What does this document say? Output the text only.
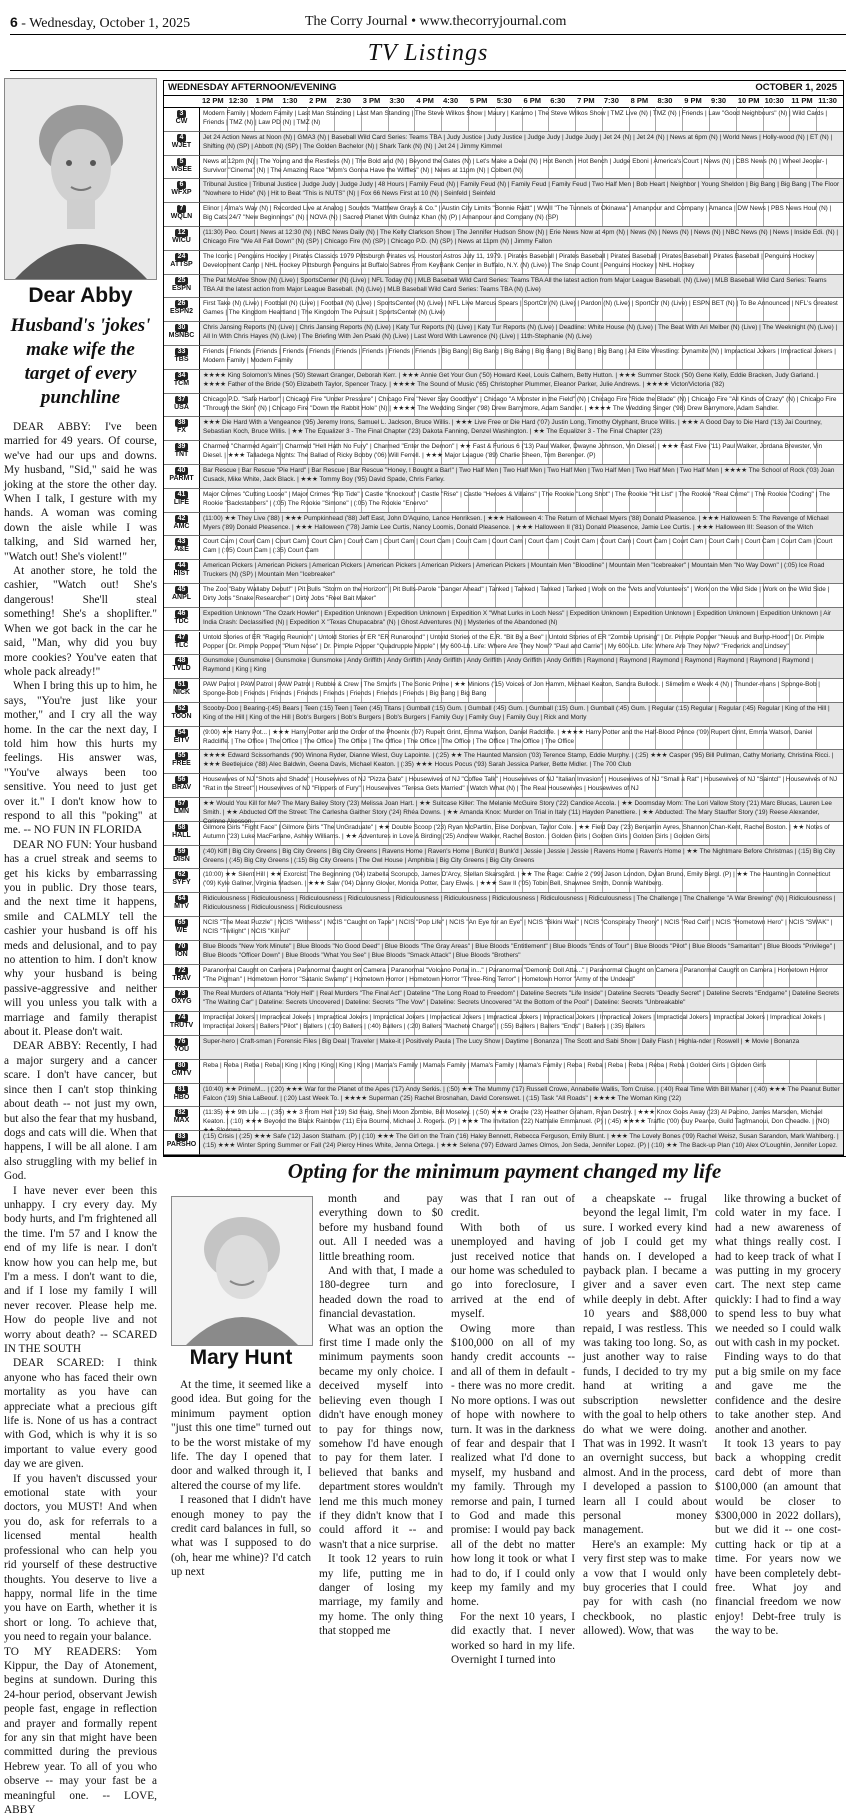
6 - Wednesday, October 1, 2025	The Corry Journal • www.thecorryjournal.com
TV Listings

Dear Abby

Husband's 'jokes' make wife the target of every punchline

DEAR ABBY: I've been married for 49 years. Of course, we've had our ups and downs. My husband, "Sid," said he was joking at the store the other day. When I talk, I gesture with my hands. A woman was coming down the aisle while I was talking, and Sid warned her, "Watch out! She's violent!"

At another store, he told the cashier, "Watch out! She's dangerous! She'll steal something! She's a shoplifter." When we got back in the car he said, "Man, why did you buy more cookies? You've eaten that whole pack already!"

When I bring this up to him, he says, "You're just like your mother," and I cry all the way home. In the car the next day, I told him how this hurts my feelings. His answer was, "You've always been too sensitive. You need to just get over it." I don't know how to respond to all this "poking" at me. -- NO FUN IN FLORIDA

DEAR NO FUN: Your husband has a cruel streak and seems to get his kicks by embarrassing you in public. Dry those tears, and the next time it happens, smile and CALMLY tell the cashier your husband is off his meds and delusional, and to pay no attention to him. I don't know why your husband is being passive-aggressive and neither will you unless you talk with a marriage and family therapist about it. Please don't wait.

DEAR ABBY: Recently, I had a major surgery and a cancer scare. I don't have cancer, but since then I can't stop thinking about death -- not just my own, but also the fear that my husband, dogs and cats will die. When that happens, I will be all alone. I am also struggling with my belief in God.

I have never ever been this unhappy. I cry every day. My body hurts, and I'm frightened all the time. I'm 57 and I know the end of my life is near. I don't know how you can help me, but I'm a mess. I don't want to die, and if I lose my family I will never recover. Please help me. How do people live and not worry about death? -- SCARED IN THE SOUTH

DEAR SCARED: I think anyone who has faced their own mortality as you have can appreciate what a precious gift life is. None of us has a contract with God, which is why it is so important to value every good day we are given.

If you haven't discussed your emotional state with your doctors, you MUST! And when you do, ask for referrals to a licensed mental health professional who can help you rid yourself of these destructive thoughts. You deserve to live a happy, normal life in the time you have on Earth, whether it is short or long. To achieve that, you need to regain your balance.

TO MY READERS: Yom Kippur, the Day of Atonement, begins at sundown. During this 24-hour period, observant Jewish people fast, engage in reflection and prayer and formally repent for any sin that might have been committed during the previous Hebrew year. To all of you who observe -- may your fast be a meaningful one. -- LOVE, ABBY

WEDNESDAY AFTERNOON/EVENING	OCTOBER 1, 2025
12 PM 12:30 1 PM 1:30 2 PM 2:30 3 PM 3:30 4 PM 4:30 5 PM 5:30 6 PM 6:30 7 PM 7:30 8 PM 8:30 9 PM 9:30 10 PM 10:30 11 PM 11:30
3
CW
Modern Family | Modern Family | Last Man Standing | Last Man Standing | The Steve Wilkos Show | Maury | Karamo | The Steve Wilkos Show | TMZ Live (N) | TMZ (N) | Friends | Law "Good Neighbours" (N) | Wild Cards | Friends | TMZ (N) | Law PD (N) | TMZ (N)
4
WJET
Jet 24 Action News at Noon (N) | GMA3 (N) | Baseball Wild Card Series: Teams TBA | Judy Justice | Judy Justice | Judge Judy | Judge Judy | Jet 24 (N) | Jet 24 (N) | News at 6pm (N) | World News | Holly-wood (N) | ET (N) | Shifting (N) (SP) | Abbott (N) (SP) | The Golden Bachelor (N) | Shark Tank (N) (N) | Jet 24 | Jimmy Kimmel
5
WSEE
News at 12pm (N) | The Young and the Restless (N) | The Bold and (N) | Beyond the Gates (N) | Let's Make a Deal (N) | Hot Bench | Hot Bench | Judge Eboni | America's Court | News (N) | CBS News (N) | Wheel Jeopar- | Survivor "Cinema" (N) | The Amazing Race "Mom's Gonna Have the Wiffles" (N) | News at 11pm (N) | Colbert (N)
6
WFXP
Tribunal Justice | Tribunal Justice | Judge Judy | Judge Judy | 48 Hours | Family Feud (N) | Family Feud (N) | Family Feud | Family Feud | Two Half Men | Bob Heart | Neighbor | Young Sheldon | Big Bang | Big Bang | The Floor "Nowhere to Hide" (N) | Hit to Beat "This is NUTS" (N) | Fox 66 News First at 10 (N) | Seinfeld | Seinfeld
7
WQLN
Elinor | Alma's Way (N) | Recorded Live at Analog | Sounds "Matthew Grays & Co." | Austin City Limits "Bonnie Raitt" | WWII "The Tunnels of Okinawa" | Amanpour and Company | Amanca | DW News | PBS News Hour (N) | Big Cats 24/7 "New Beginnings" (N) | NOVA (N) | Sacred Planet With Gulnaz Khan (N) (P) | Amanpour and Company (N) (SP)
12
WICU
(11:30) Peo. Court | News at 12:30 (N) | NBC News Daily (N) | The Kelly Clarkson Show | The Jennifer Hudson Show (N) | Erie News Now at 4pm (N) | News (N) | News (N) | News (N) | NBC News (N) | News | Inside Edi. (N) | Chicago Fire "We All Fall Down" (N) (SP) | Chicago Fire (N) (SP) | Chicago P.D. (N) (SP) | News at 11pm (N) | Jimmy Fallon
24
ATTSP
The Iconic | Penguins Hockey | Pirates Classics 1979 Pittsburgh Pirates vs. Houston Astros July 11, 1979. | Pirates Baseball | Pirates Baseball | Pirates Baseball | Pirates Baseball | Pirates Baseball | Penguins Hockey Development Camp | NHL Hockey Pittsburgh Penguins at Buffalo Sabres From KeyBank Center in Buffalo, N.Y. (N) (Live) | The Snap Count | Penguins Hockey | NHL Hockey
25
ESPN
The Pat McAfee Show (N) (Live) | SportsCenter (N) (Live) | NFL Today (N) | MLB Baseball Wild Card Series: Teams TBA All the latest action from Major League Baseball. (N) (Live) | MLB Baseball Wild Card Series: Teams TBA All the latest action from Major League Baseball. (N) (Live) | MLB Baseball Wild Card Series: Teams TBA (N) (Live)
26
ESPN2
First Take (N) (Live) | Football (N) (Live) | Football (N) (Live) | SportsCenter (N) (Live) | NFL Live Marcus Spears | SportCtr (N) (Live) | Pardon (N) (Live) | SportCtr (N) (Live) | ESPN BET (N) | To Be Announced | NFL's Greatest Games | The Kingdom Heartland | The Kingdom The Pursuit | SportsCenter (N) (Live)
30
MSNBC
Chris Jansing Reports (N) (Live) | Chris Jansing Reports (N) (Live) | Katy Tur Reports (N) (Live) | Katy Tur Reports (N) (Live) | Deadline: White House (N) (Live) | The Beat With Ari Melber (N) (Live) | The Weeknight (N) (Live) | All In With Chris Hayes (N) (Live) | The Briefing With Jen Psaki (N) (Live) | Last Word With Lawrence (N) (Live) | 11th-Stephanie (N) (Live)
33
TBS
Friends | Friends | Friends | Friends | Friends | Friends | Friends | Friends | Friends | Big Bang | Big Bang | Big Bang | Big Bang | Big Bang | Big Bang | All Elite Wrestling: Dynamite (N) | Impractical Jokers | Impractical Jokers | Modern Family | Modern Family
34
TCM
★★★★ King Solomon's Mines ('50) Stewart Granger, Deborah Kerr. | ★★★ Annie Get Your Gun ('50) Howard Keel, Louis Calhern, Betty Hutton. | ★★★ Summer Stock ('50) Gene Kelly, Eddie Bracken, Judy Garland. | ★★★★ Father of the Bride ('50) Elizabeth Taylor, Spencer Tracy. | ★★★★ The Sound of Music ('65) Christopher Plummer, Eleanor Parker, Julie Andrews. | ★★★★ Victor/Victoria ('82)
37
USA
Chicago P.D. "Safe Harbor" | Chicago Fire "Under Pressure" | Chicago Fire "Never Say Goodbye" | Chicago "A Monster in the Field" (N) | Chicago Fire "Ride the Blade" (N) | Chicago Fire "All Kinds of Crazy" (N) | Chicago Fire "Through the Skin" (N) | Chicago Fire "Down the Rabbit Hole" (N) | ★★★★ The Wedding Singer ('98) Drew Barrymore, Adam Sandler. | ★★★★ The Wedding Singer ('98) Drew Barrymore, Adam Sandler.
38
FX
★★★ Die Hard With a Vengeance ('95) Jeremy Irons, Samuel L. Jackson, Bruce Willis. | ★★★ Live Free or Die Hard ('07) Justin Long, Timothy Olyphant, Bruce Willis. | ★★★ A Good Day to Die Hard ('13) Jai Courtney, Sebastian Koch, Bruce Willis. | ★★ The Equalizer 3 - The Final Chapter ('23) Dakota Fanning, Denzel Washington. | ★★ The Equalizer 3 - The Final Chapter ('23)
39
TNT
Charmed "Charmed Again" | Charmed "Hell Hath No Fury" | Charmed "Enter the Demon" | ★★ Fast & Furious 6 ('13) Paul Walker, Dwayne Johnson, Vin Diesel. | ★★★ Fast Five ('11) Paul Walker, Jordana Brewster, Vin Diesel. | ★★★ Talladega Nights: The Ballad of Ricky Bobby ('06) Will Ferrell. | ★★★ Major League ('89) Charlie Sheen, Tom Berenger. (P)
40
PARMT
Bar Rescue | Bar Rescue "Pie Hard" | Bar Rescue | Bar Rescue "Honey, I Bought a Bar!" | Two Half Men | Two Half Men | Two Half Men | Two Half Men | Two Half Men | Two Half Men | ★★★★ The School of Rock ('03) Joan Cusack, Mike White, Jack Black. | ★★★ Tommy Boy ('95) David Spade, Chris Farley.
41
LIFE
Major Crimes "Cutting Loose" | Major Crimes "Rip Tide" | Castle "Knockout" | Castle "Rise" | Castle "Heroes & Villains" | The Rookie "Long Shot" | The Rookie "Hit List" | The Rookie "Real Crime" | The Rookie "Coding" | The Rookie "Backstabbers" | (:05) The Rookie "Simone" | (:05) The Rookie "Enervo"
42
AMC
(11:00) ★★ They Live ('88) | ★★★ Pumpkinhead ('88) Jeff East, John D'Aquino, Lance Henriksen. | ★★★ Halloween 4: The Return of Michael Myers ('88) Donald Pleasence. | ★★★ Halloween 5: The Revenge of Michael Myers ('89) Donald Pleasence. | ★★★ Halloween ("78) Jamie Lee Curtis, Nancy Loomis, Donald Pleasence. | ★★★ Halloween II ('81) Donald Pleasence, Jamie Lee Curtis. | ★★★ Halloween III: Season of the Witch
43
A&E
Court Cam | Court Cam | Court Cam | Court Cam | Court Cam | Court Cam | Court Cam | Court Cam | Court Cam | Court Cam | Court Cam | Court Cam | Court Cam | Court Cam | Court Cam | Court Cam | Court Cam | Court Cam | (:05) Court Cam | (:35) Court Cam
44
HIST
American Pickers | American Pickers | American Pickers | American Pickers | American Pickers | American Pickers | Mountain Men "Bloodline" | Mountain Men "Icebreaker" | Mountain Men "No Way Down" | (:05) Ice Road Truckers (N) (SP) | Mountain Men "Icebreaker"
45
ANPL
The Zoo "Baby Wallaby Debut!" | Pit Bulls "Storm on the Horizon" | Pit Bulls-Parole "Danger Ahead" | Tanked | Tanked | Tanked | Tanked | Work on the "Vets and Volunteers" | Work on the Wild Side | Work on the Wild Side | Dirty Jobs "Snake Researcher" | Dirty Jobs "Reel Bait Maker"
46
TDC
Expedition Unknown "The Ozark Howler" | Expedition Unknown | Expedition Unknown | Expedition X "What Lurks in Loch Ness" | Expedition Unknown | Expedition Unknown | Expedition Unknown | Expedition Unknown | Air India Crash: Declassified (N) | Expedition X "Texas Chupacabra" (N) | Ghost Adventures (N) | Mysteries of the Abandoned (N)
47
TLC
Untold Stories of ER "Raging Reunion" | Untold Stories of ER "ER Runaround" | Untold Stories of the E.R. "Bit By a Bee" | Untold Stories of ER "Zombie Uprising" | Dr. Pimple Popper "Neuus and Bump-Hood" | Dr. Pimple Popper | Dr. Pimple Popper "Plum Nose" | Dr. Pimple Popper "Quadrupple Nipple" | My 600-Lb. Life: Where Are They Now? "Paul and Carrie" | My 600-Lb. Life: Where Are They Now? "Frederick and Lindsey"
48
TVLD
Gunsmoke | Gunsmoke | Gunsmoke | Gunsmoke | Andy Griffith | Andy Griffith | Andy Griffith | Andy Griffith | Andy Griffith | Andy Griffith | Raymond | Raymond | Raymond | Raymond | Raymond | Raymond | Raymond | Raymond | King | King
51
NICK
PAW Patrol | PAW Patrol | PAW Patrol | Rubble & Crew | The Smurfs | The Sonic Prime | ★★ Minions ('15) Voices of Jon Hamm, Michael Keaton, Sandra Bullock. | Slimetim e Week 4 (N) | Thunder-mans | Sponge-Bob | Sponge-Bob | Friends | Friends | Friends | Friends | Friends | Friends | Friends | Big Bang | Big Bang
52
TOON
Scooby-Doo | Bearing-(:45) Bears | Teen (:15) Teen | Teen (:45) Titans | Gumball (:15) Gum. | Gumball (:45) Gum. | Gumball (:15) Gum. | Gumball (:45) Gum. | Regular (:15) Regular | Regular (:45) Regular | King of the Hill | King of the Hill | King of the Hill | Bob's Burgers | Bob's Burgers | Bob's Burgers | Family Guy | Family Guy | Family Guy | Rick and Morty
54
EITV
(9:00) ★★ Harry Pot... | ★★★ Harry Potter and the Order of the Phoenix ('07) Rupert Grint, Emma Watson, Daniel Radcliffe. | ★★★★ Harry Potter and the Half-Blood Prince ('09) Rupert Grint, Emma Watson, Daniel Radcliffe. | The Office | The Office | The Office | The Office | The Office | The Office | The Office | The Office | The Office | The Office
55
FREE
★★★★ Edward Scissorhands ('90) Winona Ryder, Dianne Wiest, Guy Lapointe. | (:25) ★★ The Haunted Mansion ('03) Terence Stamp, Eddie Murphy. | (:25) ★★★ Casper ('95) Bill Pullman, Cathy Moriarty, Christina Ricci. | ★★★ Beetlejuice ('88) Alec Baldwin, Geena Davis, Michael Keaton. | (:35) ★★★ Hocus Pocus ('93) Sarah Jessica Parker, Bette Midler. | The 700 Club
56
BRAV
Housewives of NJ "Shots and Shade" | Housewives of NJ "Pizza Gate" | Housewives of NJ "Coffee Talk" | Housewives of NJ "Italian Invasion" | Housewives of NJ "Small a Rat" | Housewives of NJ "Saintcl" | Housewives of NJ "Rat in the Street" | Housewives of NJ "Flippers of Fury" | Housewives "Teresa Gets Married" | Watch What (N) | The Real Housewives | Housewives of NJ
57
LMN
★★ Would You Kill for Me? The Mary Bailey Story ('23) Melissa Joan Hart. | ★★ Suitcase Killer: The Melanie McGuire Story ('22) Candice Accola. | ★★ Doomsday Mom: The Lori Vallow Story ('21) Marc Blucas, Lauren Lee Smith. | ★★ Abducted Off the Street: The Carlesha Gaither Story ('24) Rhéa Downs. | ★★ Amanda Knox: Murder on Trial in Italy ('11) Hayden Panettiere. | ★★ Abducted: The Mary Stauffer Story ('19) Reese Alexander, Corinne Akesson.
58
HALL
Gilmore Girls "Fight Face" | Gilmore Girls "The UnGraduate" | ★★ Double Scoop ('23) Ryan McPartlin, Elise Donovan, Taylor Cole. | ★★ Field Day ('23) Benjamin Ayres, Shannon Chan-Kent, Rachel Boston. | ★★ Notes of Autumn ('23) Luke MacFarlane, Ashley Williams. | ★★ Adventures in Love & Birding ('25) Andrew Walker, Rachel Boston. | Golden Girls | Golden Girls | Golden Girls | Golden Girls
59
DISN
(:40) Kiff | Big City Greens | Big City Greens | Big City Greens | Ravens Home | Raven's Home | Bunk'd | Bunk'd | Jessie | Jessie | Jessie | Ravens Home | Raven's Home | ★★ The Nightmare Before Christmas | (:15) Big City Greens | (:45) Big City Greens | (:15) Big City Greens | The Owl House | Amphibia | Big City Greens | Big City Greens
62
SYFY
(10:00) ★★ Silent Hill | ★★ Exorcist: The Beginning ('04) Izabella Scorupco, James D'Arcy, Stellan Skarsgård. | ★★ The Rage: Carrie 2 ('99) Jason London, Dylan Bruno, Emily Bergl. (P) | ★★ The Haunting in Connecticut ('09) Kyle Gallner, Virginia Madsen. | ★★★ Saw ('04) Danny Glover, Monica Potter, Cary Elwes. | ★★★ Saw II ('05) Tobin Bell, Shawnee Smith, Donnie Wahlberg.
64
MTV
Ridiculousness | Ridiculousness | Ridiculousness | Ridiculousness | Ridiculousness | Ridiculousness | Ridiculousness | Ridiculousness | Ridiculousness | The Challenge | The Challenge "A War Brewing" (N) | Ridiculousness | Ridiculousness | Ridiculousness | Ridiculousness
65
WE
NCIS "The Meat Puzzle" | NCIS "Witness" | NCIS "Caught on Tape" | NCIS "Pop Life" | NCIS "An Eye for an Eye" | NCIS "Bikini Wax" | NCIS "Conspiracy Theory" | NCIS "Red Cell" | NCIS "Hometown Hero" | NCIS "SWAK" | NCIS "Twilight" | NCIS "Kill Ari"
70
ION
Blue Bloods "New York Minute" | Blue Bloods "No Good Deed" | Blue Bloods "The Gray Areas" | Blue Bloods "Entitlement" | Blue Bloods "Ends of Tour" | Blue Bloods "Pilot" | Blue Bloods "Samaritan" | Blue Bloods "Privilege" | Blue Bloods "Officer Down" | Blue Bloods "What You See" | Blue Bloods "Smack Attack" | Blue Bloods "Brothers"
72
TRAV
Paranormal Caught on Camera | Paranormal Caught on Camera | Paranormal "Volcano Portal in..." | Paranormal "Demonic Doll Atta..." | Paranormal Caught on Camera | Paranormal Caught on Camera | Hometown Horror "The Pigman" | Hometown Horror "Satanic Swamp" | Hometown Horror | Hometown Horror "Three-Ring Terror" | Hometown Horror "Army of the Undead"
73
OXYG
The Real Murders of Atlanta "Holy Hell" | Real Murders "The Final Act" | Dateline "The Long Road to Freedom" | Dateline Secrets "Life Inside" | Dateline Secrets "Deadly Secret" | Dateline Secrets "Endgame" | Dateline Secrets "The Waiting Car" | Dateline: Secrets Uncovered | Dateline: Secrets "The Vow" | Dateline: Secrets Uncovered "At the Bottom of the Pool" | Dateline: Secrets "Unbreakable"
74
TRUTV
Impractical Jokers | Impractical Jokers | Impractical Jokers | Impractical Jokers | Impractical Jokers | Impractical Jokers | Impractical Jokers | Impractical Jokers | Impractical Jokers | Impractical Jokers | Impractical Jokers | Impractical Jokers | Ballers "Pilot" | Ballers | (:10) Ballers | (:40) Ballers | (:20) Ballers "Machete Charge" | (:55) Ballers | Ballers "Ends" | Ballers | (:35) Ballers
76
YOU
Super-hero | Craft-sman | Forensic Files | Big Deal | Traveler | Make-it | Positively Paula | The Lucy Show | Daytime | Bonanza | The Scott and Sabi Show | Daily Flash | Highla-nder | Roswell | ★ Movie | Bonanza
80
CMTV
Reba | Reba | Reba | Reba | King | King | King | King | King | Mama's Family | Mama's Family | Mama's Family | Mama's Family | Reba | Reba | Reba | Reba | Reba | Reba | Golden Girls | Golden Girls
81
HBO
(10:40) ★★ PrimeM... | (:20) ★★★ War for the Planet of the Apes ('17) Andy Serkis. | (:50) ★★ The Mummy ('17) Russell Crowe, Annabelle Wallis, Tom Cruise. | (:40) Real Time With Bill Maher | (:40) ★★★ The Peanut Butter Falcon ('19) Shia LaBeouf. | (:20) Last Week To. | ★★★★ Superman ('25) Rachel Brosnahan, David Corenswet. | (:15) Task "All Roads" | ★★★★ The Woman King ('22)
82
MAX
(11:35) ★★ 9th Life ... | (:35) ★★ 3 From Hell ('19) Sid Haig, Sheri Moon Zombie, Bill Moseley. | (:50) ★★★ Oracle ('23) Heather Graham, Ryan Destry. | ★★★ Knox Goes Away ('23) Al Pacino, James Marsden, Michael Keaton. | (:10) ★★★ Beyond the Black Rainbow ('11) Eva Bourne, Michael J. Rogers. (P) | ★★★ The Invitation ('22) Nathalie Emmanuel. (P) | (:45) ★★★★ Traffic ('00) Guy Pearce, Guild Tagfmanoui, Don Cheadle. | (NO)
83
PARSHO
(:15) Crisis | (:25) ★★★ Safe ('12) Jason Statham. (P) | (:10) ★★★ The Girl on the Train ('16) Haley Bennett, Rebecca Ferguson, Emily Blunt. | ★★★ The Lovely Bones ('09) Rachel Weisz, Susan Sarandon, Mark Wahlberg. | (:15) ★★★ Winter Spring Summer or Fall ('24) Piercy Hines White, Jenna Ortega. | ★★★ Selena ('97) Edward James Olmos, Jon Seda, Jennifer Lopez. (P) | (:10) ★★ The Back-up Plan ('10) Alex O'Loughlin, Jennifer Lopez.
Opting for the minimum payment changed my life
Mary Hunt

At the time, it seemed like a good idea. But going for the minimum payment option "just this one time" turned out to be the worst mistake of my life. The day I opened that door and walked through it, I altered the course of my life.

I reasoned that I didn't have enough money to pay the credit card balances in full, so what was I supposed to do (oh, hear me whine)? I'd catch up next

month and pay everything down to $0 before my husband found out. All I needed was a little breathing room.

And with that, I made a 180-degree turn and headed down the road to financial devastation.

What was an option the first time I made only the minimum payments soon became my only choice. I deceived myself into believing even though I didn't have enough money to pay for things now, somehow I'd have enough to pay for them later. I believed that banks and department stores wouldn't lend me this much money if they didn't know that I could afford it -- and wasn't that a nice surprise.

It took 12 years to ruin my life, putting me in danger of losing my marriage, my family and my home. The only thing that stopped me

was that I ran out of credit.

With both of us unemployed and having just received notice that our home was scheduled to go into foreclosure, I arrived at the end of myself.

Owing more than $100,000 on all of my handy credit accounts -- and all of them in default -- there was no more credit. No more options. I was out of hope with nowhere to turn. It was in the darkness of fear and despair that I realized what I'd done to myself, my husband and my family. Through my remorse and pain, I turned to God and made this promise: I would pay back all of the debt no matter how long it took or what I had to do, if I could only keep my family and my home.

For the next 10 years, I did exactly that. I never worked so hard in my life. Overnight I turned into

a cheapskate -- frugal beyond the legal limit, I'm sure. I worked every kind of job I could get my hands on. I developed a payback plan. I became a giver and a saver even while deeply in debt. After 10 years and $88,000 repaid, I was restless. This was taking too long. So, as just another way to raise funds, I decided to try my hand at writing a subscription newsletter with the goal to help others do what we were doing. That was in 1992. It wasn't an overnight success, but almost. And in the process, I developed a passion to learn all I could about personal money management.

Here's an example: My very first step was to make a vow that I would only buy groceries that I could pay for with cash (no checkbook, no plastic allowed). Wow, that was

like throwing a bucket of cold water in my face. I had a new awareness of what things really cost. I had to keep track of what I was putting in my grocery cart. The next step came quickly: I had to find a way to spend less to buy what we needed so I could walk out with cash in my pocket.

Finding ways to do that put a big smile on my face and gave me the confidence and the desire to take another step. And another and another.

It took 13 years to pay back a whopping credit card debt of more than $100,000 (an amount that would be closer to $300,000 in 2022 dollars), but we did it -- one cost-cutting hack or tip at a time. For years now we have been completely debt-free. What joy and financial freedom we now enjoy! Debt-free truly is the way to be.
